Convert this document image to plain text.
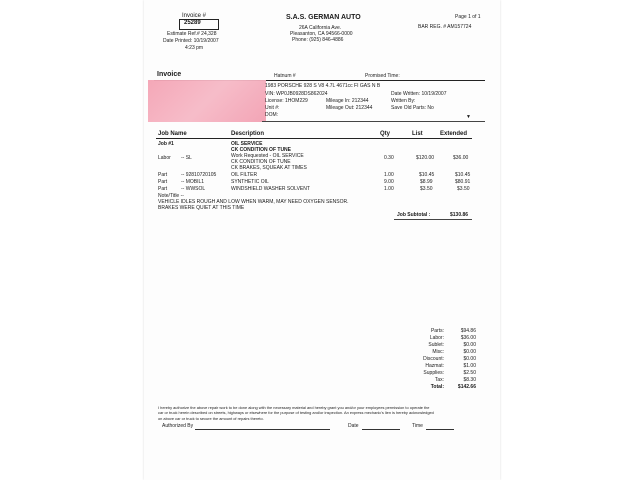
Invoice #
25289
Estimate Ref.# 24,328
Date Printed: 10/19/2007
4:23 pm
S.A.S. GERMAN AUTO
26A California Ave.
Pleasanton, CA 94566-0000
Phone: (925) 846-4886
Page 1 of 1
BAR REG. # AM157724
Invoice	Hatnum #	Promised Time:
1983 PORSCHE 928 S V8 4.7L 4671cc FI GAS N B
VIN: WP0JB0928DS862024
License: 1HOM229	Mileage In: 212344
Unit #:	Mileage Out: 212344
DOM:
Date Written: 10/19/2007
Written By:
Save Old Parts: No
▼
Job Name	Description	Qty	List	Extended
Job #1	OIL SERVICE
CK CONDITION OF TUNE
Labor -- SL	Work Requested - OIL SERVICE
CK CONDITION OF TUNE
CK BRAKES, SQUEAK AT TIMES
0.30	$120.00	$36.00
Part	-- 92810720105	OIL FILTER	1.00	$10.45	$10.45
Part	-- MOBIL1	SYNTHETIC OIL	9.00	$8.99	$80.91
Part	-- WWSOL	WINDSHIELD WASHER SOLVENT	1.00	$3.50	$3.50
Note/Title --
VEHICLE IDLES ROUGH AND LOW WHEN WARM, MAY NEED OXYGEN SENSOR.
BRAKES WERE QUIET AT THIS TIME
Job Subtotal :	$130.86
Parts:	$94.86
Labor:	$36.00
Sublet:	$0.00
Misc:	$0.00
Discount:	$0.00
Hazmat:	$1.00
Supplies:	$2.50
Tax:	$8.30
Total:	$142.66
I hereby authorize the above repair work to be done along with the necessary material and hereby grant you and/or your employees permission to operate the
car or truck herein described on streets, highways or elsewhere for the purpose of testing and/or inspection. An express mechanic's lien is hereby acknowledged
on above car or truck to secure the amount of repairs thereto.
Authorized By	Date	Time
